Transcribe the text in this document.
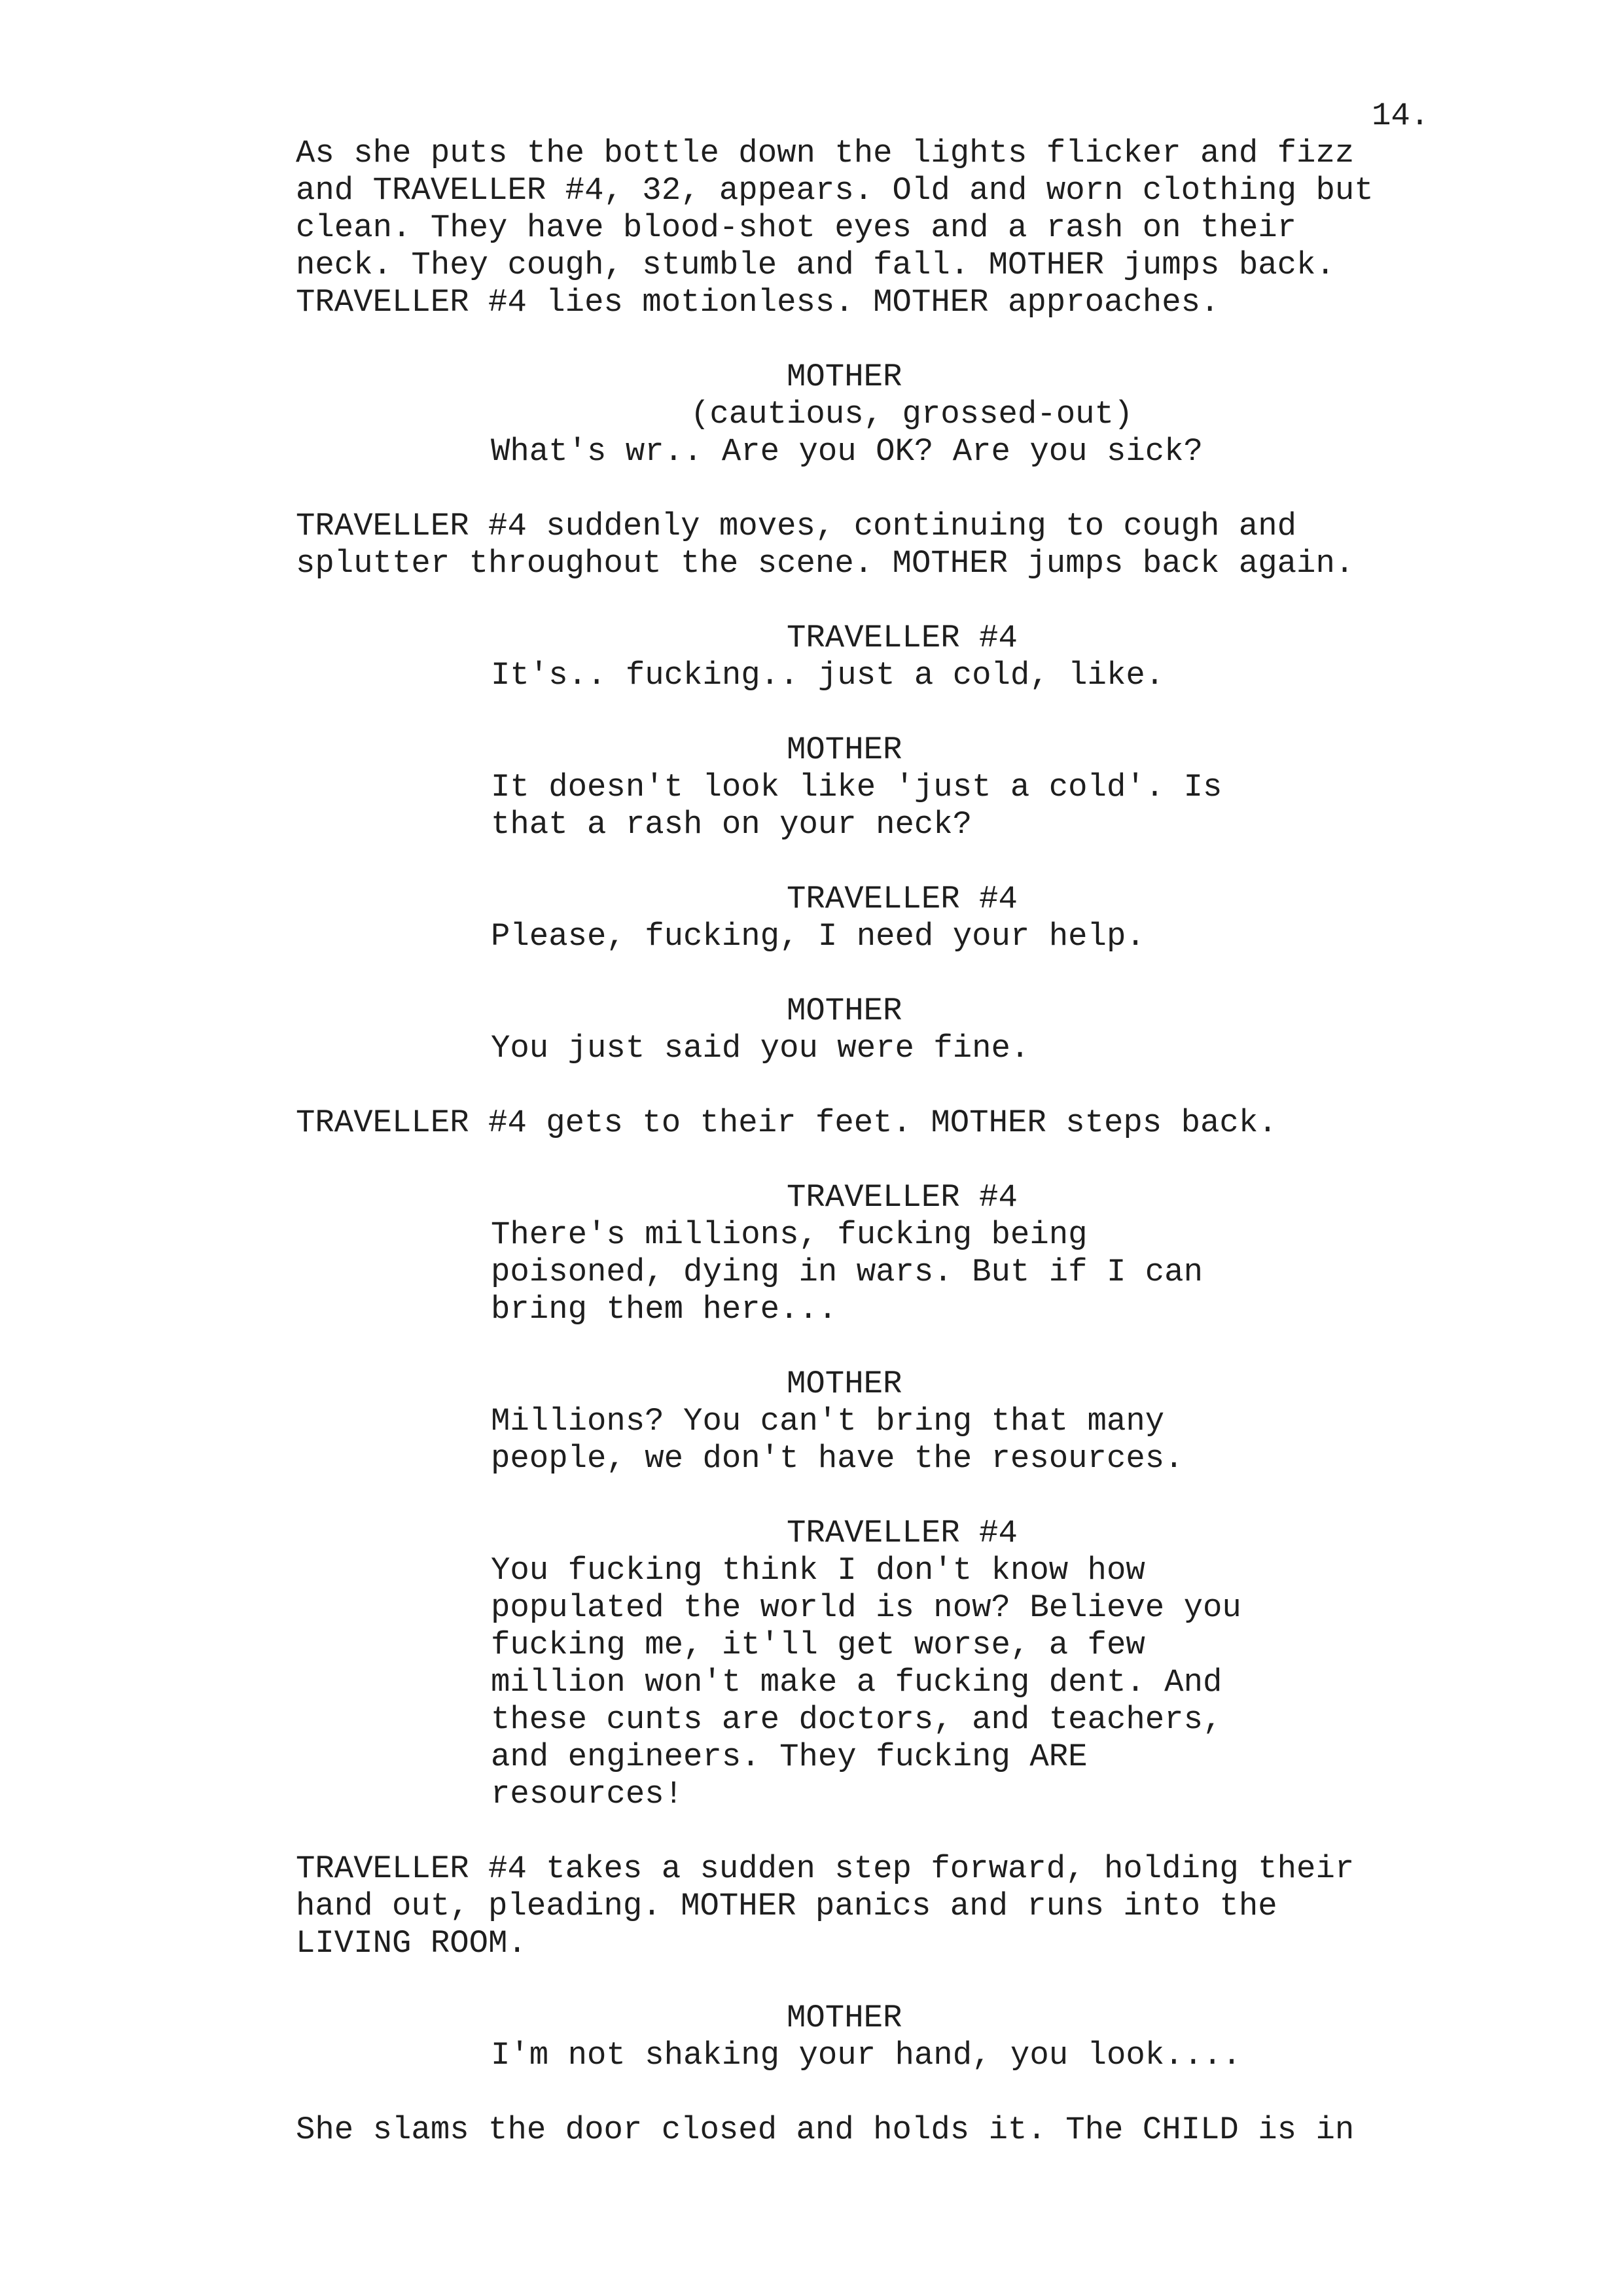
14.
As she puts the bottle down the lights flicker and fizz
and TRAVELLER #4, 32, appears. Old and worn clothing but
clean. They have blood-shot eyes and a rash on their
neck. They cough, stumble and fall. MOTHER jumps back.
TRAVELLER #4 lies motionless. MOTHER approaches.
MOTHER
(cautious, grossed-out)
What's wr.. Are you OK? Are you sick?
TRAVELLER #4 suddenly moves, continuing to cough and
splutter throughout the scene. MOTHER jumps back again.
TRAVELLER #4
It's.. fucking.. just a cold, like.
MOTHER
It doesn't look like 'just a cold'. Is
that a rash on your neck?
TRAVELLER #4
Please, fucking, I need your help.
MOTHER
You just said you were fine.
TRAVELLER #4 gets to their feet. MOTHER steps back.
TRAVELLER #4
There's millions, fucking being
poisoned, dying in wars. But if I can
bring them here...
MOTHER
Millions? You can't bring that many
people, we don't have the resources.
TRAVELLER #4
You fucking think I don't know how
populated the world is now? Believe you
fucking me, it'll get worse, a few
million won't make a fucking dent. And
these cunts are doctors, and teachers,
and engineers. They fucking ARE
resources!
TRAVELLER #4 takes a sudden step forward, holding their
hand out, pleading. MOTHER panics and runs into the
LIVING ROOM.
MOTHER
I'm not shaking your hand, you look....
She slams the door closed and holds it. The CHILD is in
